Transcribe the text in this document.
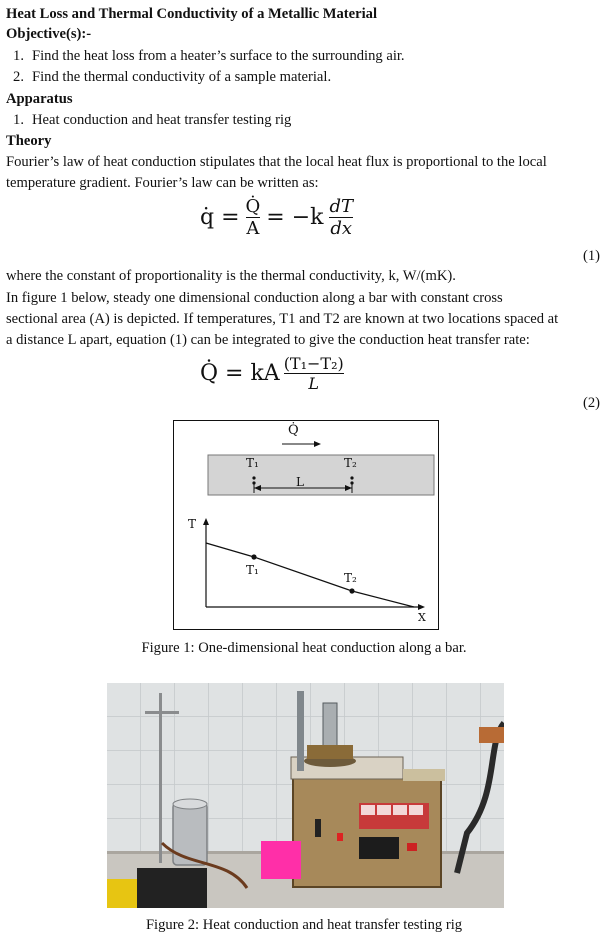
Heat Loss and Thermal Conductivity of a Metallic Material
Objective(s):-
1. Find the heat loss from a heater’s surface to the surrounding air.
2. Find the thermal conductivity of a sample material.
Apparatus
1. Heat conduction and heat transfer testing rig
Theory
Fourier’s law of heat conduction stipulates that the local heat flux is proportional to the local
temperature gradient. Fourier’s law can be written as:
q̇ = $\frac{Q̇}{A} = -k \frac{dT}{dx}$
(1)
where the constant of proportionality is the thermal conductivity, k, W/(mK).
In figure 1 below, steady one dimensional conduction along a bar with constant cross
sectional area (A) is depicted. If temperatures, T1 and T2 are known at two locations spaced at
a distance L apart, equation (1) can be integrated to give the conduction heat transfer rate:
Q̇ = kA $\frac{\text{(T₁−T₂)}}{L}$
(2)
Q̇
T₁	T₂
L
T
X
T₁
T₂
Figure 1: One-dimensional heat conduction along a bar.
Figure 2: Heat conduction and heat transfer testing rig
